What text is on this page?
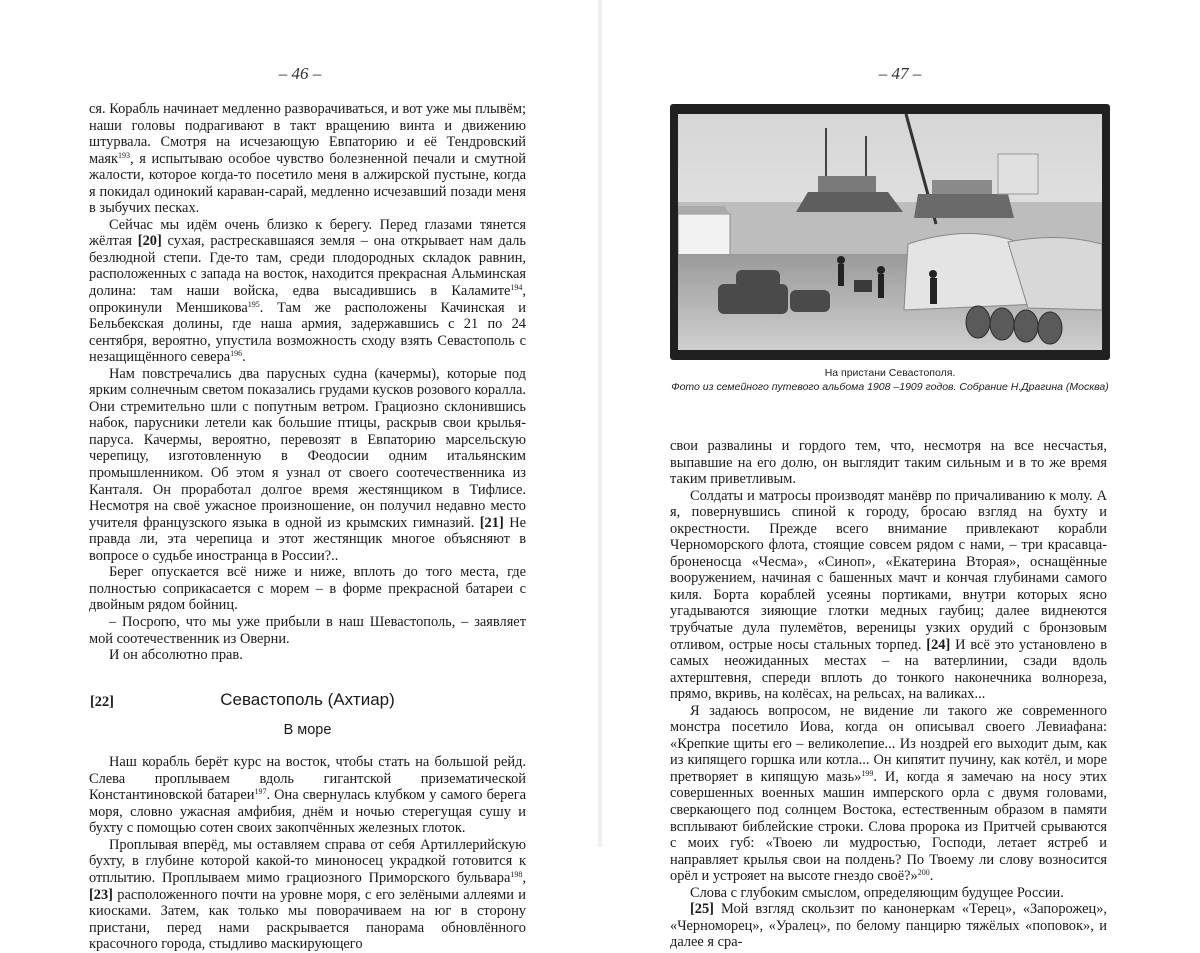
– 46 –	– 47 –

ся. Корабль начинает медленно разворачиваться, и вот уже мы плывём; наши головы подрагивают в такт вращению винта и движению штурвала. Смотря на исчезающую Евпаторию и её Тендровский маяк$^{193}$, я испытываю особое чувство болезненной печали и смутной жалости, которое когда-то посетило меня в алжирской пустыне, когда я покидал одинокий караван-сарай, медленно исчезавший позади меня в зыбучих песках.

Сейчас мы идём очень близко к берегу. Перед глазами тянется жёлтая [20] сухая, растрескавшаяся земля – она открывает нам даль безлюдной степи. Где-то там, среди плодородных складок равнин, расположенных с запада на восток, находится прекрасная Альминская долина: там наши войска, едва высадившись в Каламите$^{194}$, опрокинули Меншикова$^{195}$. Там же расположены Качинская и Бельбекская долины, где наша армия, задержавшись с 21 по 24 сентября, вероятно, упустила возможность сходу взять Севастополь с незащищённого севера$^{196}$.

Нам повстречались два парусных судна (качермы), которые под ярким солнечным светом показались грудами кусков розового коралла. Они стремительно шли с попутным ветром. Грациозно склонившись набок, парусники летели как большие птицы, раскрыв свои крылья-паруса. Качермы, вероятно, перевозят в Евпаторию марсельскую черепицу, изготовленную в Феодосии одним итальянским промышленником. Об этом я узнал от своего соотечественника из Канталя. Он проработал долгое время жестянщиком в Тифлисе. Несмотря на своё ужасное произношение, он получил недавно место учителя французского языка в одной из крымских гимназий. [21] Не правда ли, эта черепица и этот жестянщик многое объясняют в вопросе о судьбе иностранца в России?..

Берег опускается всё ниже и ниже, вплоть до того места, где полностью соприкасается с морем – в форме прекрасной батареи с двойным рядом бойниц.

– Посporю, что мы уже прибыли в наш Шевастополь, – заявляет мой соотечественник из Оверни.

И он абсолютно прав.

[22]	Севастополь (Ахтиар)
В море

Наш корабль берёт курс на восток, чтобы стать на большой рейд. Слева проплываем вдоль гигантской призематической Константиновской батареи$^{197}$. Она свернулась клубком у самого берега моря, словно ужасная амфибия, днём и ночью стерегущая сушу и бухту с помощью сотен своих закопчённых железных глоток.

Проплывая вперёд, мы оставляем справа от себя Артиллерийскую бухту, в глубине которой какой-то миноносец украдкой готовится к отплытию. Проплываем мимо грациозного Приморского бульвара$^{198}$, [23] расположенного почти на уровне моря, с его зелёными аллеями и киосками. Затем, как только мы поворачиваем на юг в сторону пристани, перед нами раскрывается панорама обновлённого красочного города, стыдливо маскирующего

На пристани Севастополя.
Фото из семейного путевого альбома 1908 –1909 годов. Собрание Н.Драгина (Москва)

свои развалины и гордого тем, что, несмотря на все несчастья, выпавшие на его долю, он выглядит таким сильным и в то же время таким приветливым.

Солдаты и матросы производят манёвр по причаливанию к молу. А я, повернувшись спиной к городу, бросаю взгляд на бухту и окрестности. Прежде всего внимание привлекают корабли Черноморского флота, стоящие совсем рядом с нами, – три красавца-броненосца «Чесма», «Синоп», «Екатерина Вторая», оснащённые вооружением, начиная с башенных мачт и кончая глубинами самого киля. Борта кораблей усеяны портиками, внутри которых ясно угадываются зияющие глотки медных гаубиц; далее виднеются трубчатые дула пулемётов, вереницы узких орудий с бронзовым отливом, острые носы стальных торпед. [24] И всё это установлено в самых неожиданных местах – на ватерлинии, сзади вдоль ахтерштевня, спереди вплоть до тонкого наконечника волнореза, прямо, вкривь, на колёсах, на рельсах, на валиках...

Я задаюсь вопросом, не видение ли такого же современного монстра посетило Иова, когда он описывал своего Левиафана: «Крепкие щиты его – великолепие... Из ноздрей его выходит дым, как из кипящего горшка или котла... Он кипятит пучину, как котёл, и море претворяет в кипящую мазь»$^{199}$. И, когда я замечаю на носу этих совершенных военных машин имперского орла с двумя головами, сверкающего под солнцем Востока, естественным образом в памяти всплывают библейские строки. Слова пророка из Притчей срываются с моих губ: «Твоею ли мудростью, Господи, летает ястреб и направляет крылья свои на полдень? По Твоему ли слову возносится орёл и устрояет на высоте гнездо своё?»$^{200}$.

Слова с глубоким смыслом, определяющим будущее России.

[25] Мой взгляд скользит по канонеркам «Терец», «Запорожец», «Черноморец», «Уралец», по белому панцирю тяжёлых «поповок», и далее я сра-
